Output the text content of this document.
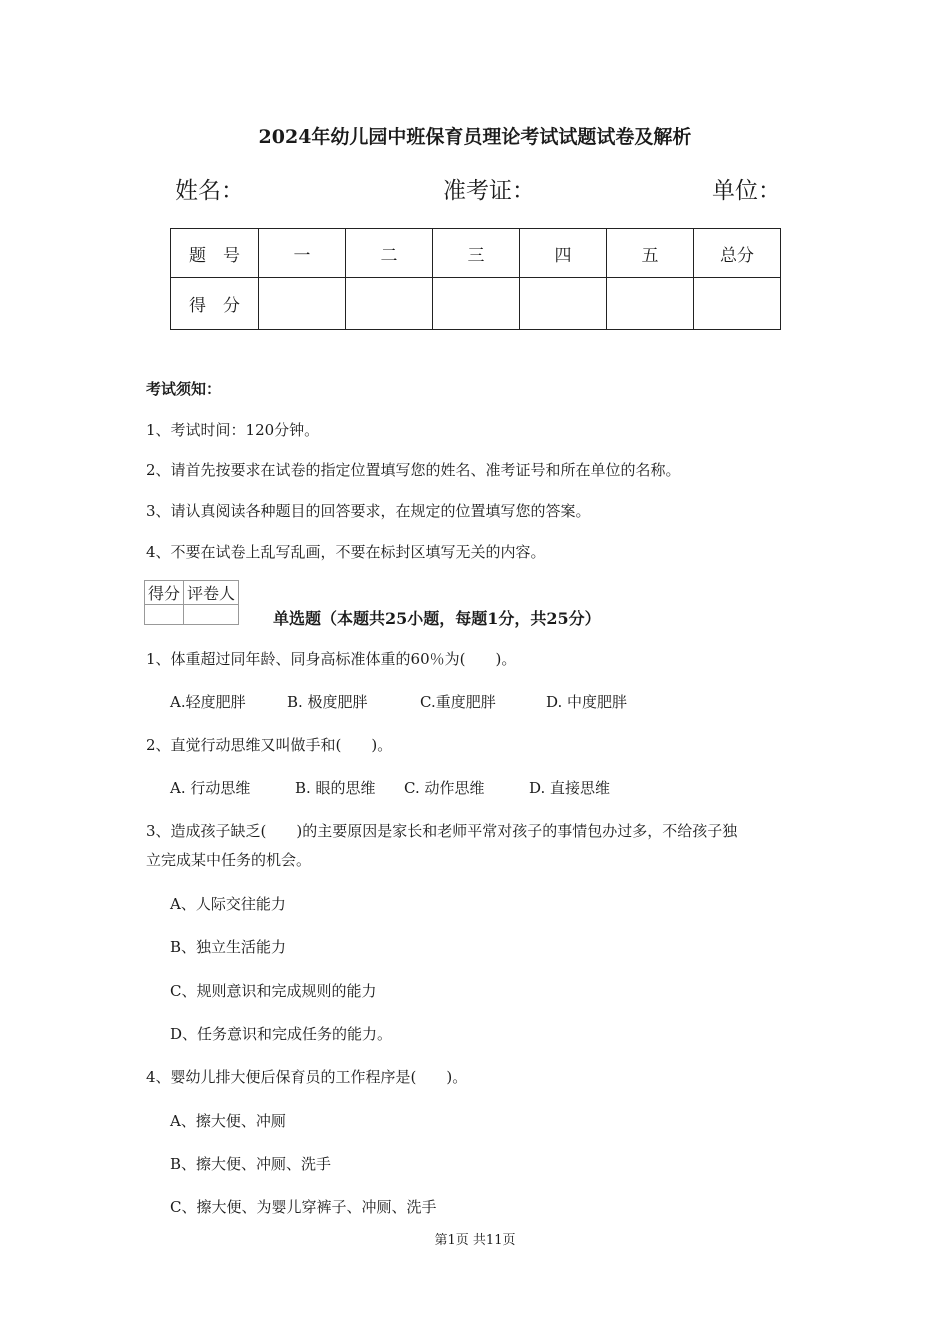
2024年幼儿园中班保育员理论考试试题试卷及解析
姓名：	准考证：	单位：
题　号	一	二	三	四	五	总分
得　分						
考试须知：
1、考试时间：120分钟。
2、请首先按要求在试卷的指定位置填写您的姓名、准考证号和所在单位的名称。
3、请认真阅读各种题目的回答要求，在规定的位置填写您的答案。
4、不要在试卷上乱写乱画，不要在标封区填写无关的内容。
得分	评卷人

单选题（本题共25小题，每题1分，共25分）
1、体重超过同年龄、同身高标准体重的60％为(　　)。
A.轻度肥胖	B. 极度肥胖	C.重度肥胖	D. 中度肥胖
2、直觉行动思维又叫做手和(　　)。
A. 行动思维	B. 眼的思维 C. 动作思维	D. 直接思维
3、造成孩子缺乏(　　)的主要原因是家长和老师平常对孩子的事情包办过多，不给孩子独
立完成某中任务的机会。
A、人际交往能力
B、独立生活能力
C、规则意识和完成规则的能力
D、任务意识和完成任务的能力。
4、婴幼儿排大便后保育员的工作程序是(　　)。
A、擦大便、冲厕
B、擦大便、冲厕、洗手
C、擦大便、为婴儿穿裤子、冲厕、洗手
第1页 共11页
